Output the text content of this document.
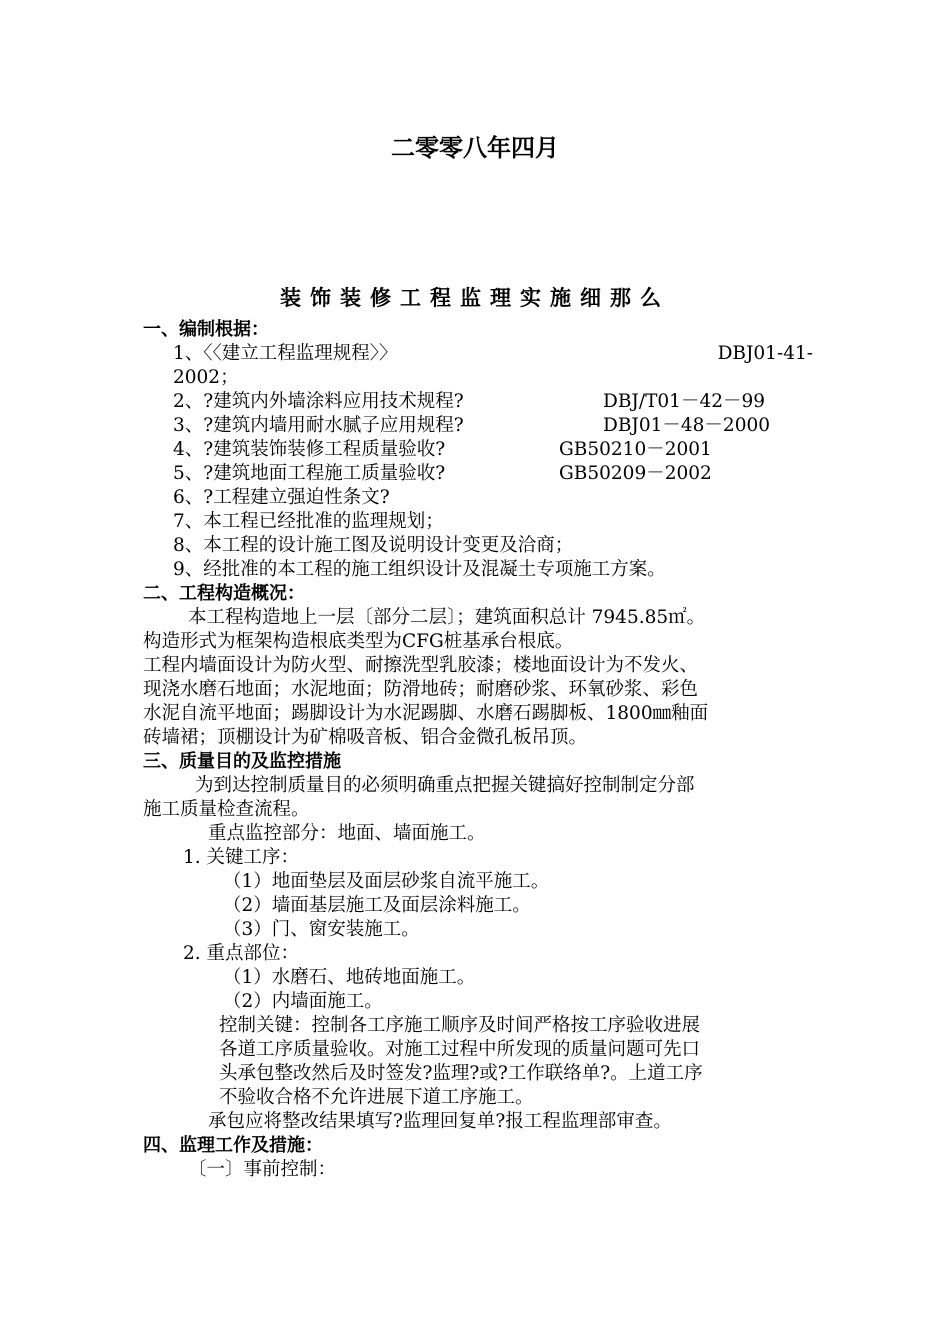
二零零八年四月
装饰装修工程监理实施细那么
一、编制根据：
1、〈〈建立工程监理规程〉〉	DBJ01-41-
2002；
2、?建筑内外墙涂料应用技术规程?	DBJ/T01－42－99
3、?建筑内墙用耐水腻子应用规程?	DBJ01－48－2000
4、?建筑装饰装修工程质量验收?	GB50210－2001
5、?建筑地面工程施工质量验收?	GB50209－2002
6、?工程建立强迫性条文?
7、本工程已经批准的监理规划；
8、本工程的设计施工图及说明设计变更及洽商；
9、经批准的本工程的施工组织设计及混凝土专项施工方案。
二、工程构造概况：
本工程构造地上一层〔部分二层〕；建筑面积总计 7945.85㎡。
构造形式为框架构造根底类型为CFG桩基承台根底。
工程内墙面设计为防火型、耐擦洗型乳胶漆；楼地面设计为不发火、
现浇水磨石地面；水泥地面；防滑地砖；耐磨砂浆、环氧砂浆、彩色
水泥自流平地面；踢脚设计为水泥踢脚、水磨石踢脚板、1800㎜釉面
砖墙裙；顶棚设计为矿棉吸音板、铝合金微孔板吊顶。
三、质量目的及监控措施
为到达控制质量目的必须明确重点把握关键搞好控制制定分部
施工质量检查流程。
重点监控部分：地面、墙面施工。
1. 关键工序：
（1）地面垫层及面层砂浆自流平施工。
（2）墙面基层施工及面层涂料施工。
（3）门、窗安装施工。
2. 重点部位：
（1）水磨石、地砖地面施工。
（2）内墙面施工。
控制关键：控制各工序施工顺序及时间严格按工序验收进展
各道工序质量验收。对施工过程中所发现的质量问题可先口
头承包整改然后及时签发?监理?或?工作联络单?。上道工序
不验收合格不允许进展下道工序施工。
承包应将整改结果填写?监理回复单?报工程监理部审查。
四、监理工作及措施：
〔一〕事前控制：
